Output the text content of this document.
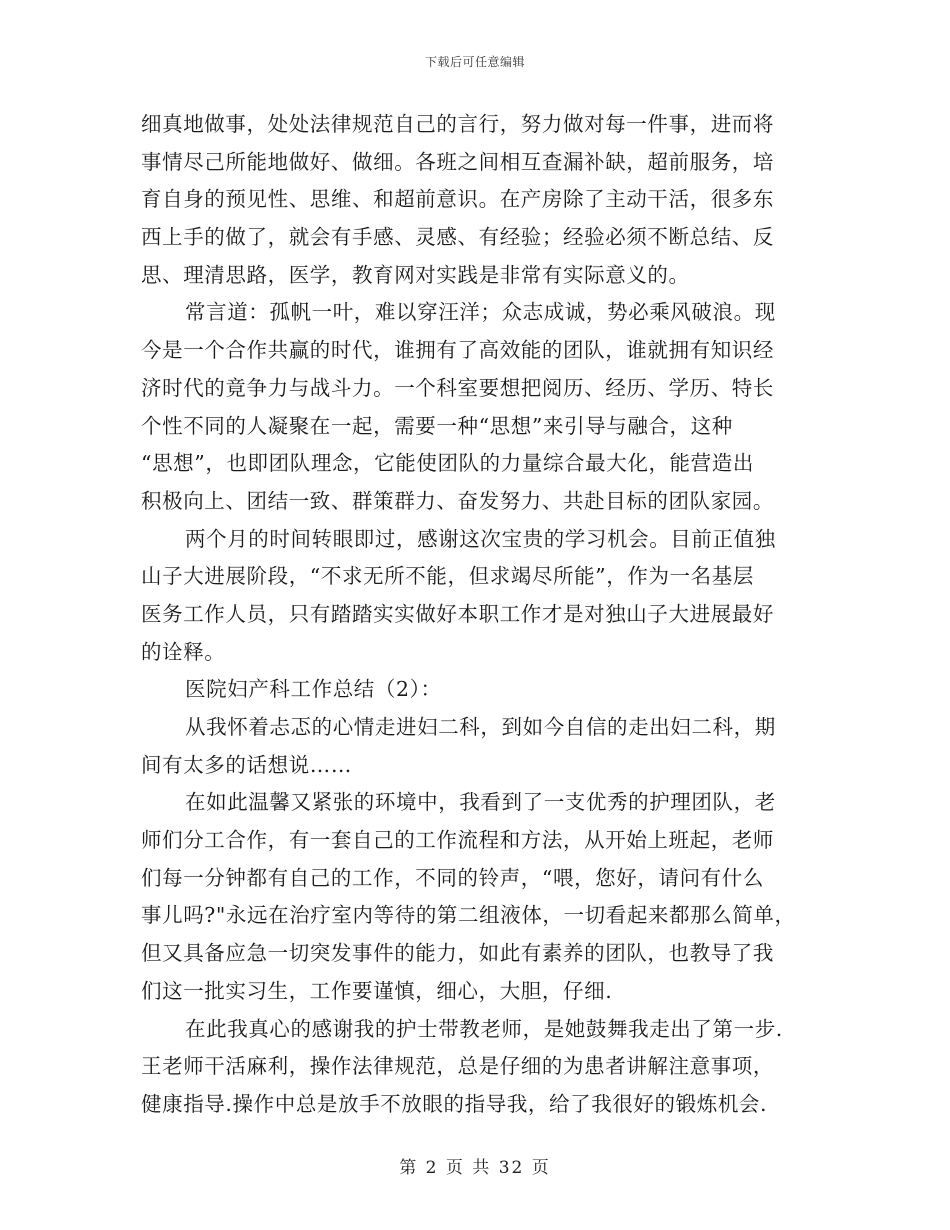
下载后可任意编辑
细真地做事，处处法律规范自己的言行，努力做对每一件事，进而将
事情尽己所能地做好、做细。各班之间相互查漏补缺，超前服务，培
育自身的预见性、思维、和超前意识。在产房除了主动干活，很多东
西上手的做了，就会有手感、灵感、有经验；经验必须不断总结、反
思、理清思路，医学，教育网对实践是非常有实际意义的。
常言道：孤帆一叶，难以穿汪洋；众志成诚，势必乘风破浪。现
今是一个合作共赢的时代，谁拥有了高效能的团队，谁就拥有知识经
济时代的竟争力与战斗力。一个科室要想把阅历、经历、学历、特长
个性不同的人凝聚在一起，需要一种“思想”来引导与融合，这种
“思想”，也即团队理念，它能使团队的力量综合最大化，能营造出
积极向上、团结一致、群策群力、奋发努力、共赴目标的团队家园。
两个月的时间转眼即过，感谢这次宝贵的学习机会。目前正值独
山子大进展阶段，“不求无所不能，但求竭尽所能”，作为一名基层
医务工作人员，只有踏踏实实做好本职工作才是对独山子大进展最好
的诠释。
医院妇产科工作总结（2）：
从我怀着忐忑的心情走进妇二科，到如今自信的走出妇二科，期
间有太多的话想说……
在如此温馨又紧张的环境中，我看到了一支优秀的护理团队，老
师们分工合作，有一套自己的工作流程和方法，从开始上班起，老师
们每一分钟都有自己的工作，不同的铃声，“喂，您好，请问有什么
事儿吗?"永远在治疗室内等待的第二组液体，一切看起来都那么简单，
但又具备应急一切突发事件的能力，如此有素养的团队，也教导了我
们这一批实习生，工作要谨慎，细心，大胆，仔细.
在此我真心的感谢我的护士带教老师，是她鼓舞我走出了第一步.
王老师干活麻利，操作法律规范，总是仔细的为患者讲解注意事项，
健康指导.操作中总是放手不放眼的指导我，给了我很好的锻炼机会.
第 2 页 共 32 页
